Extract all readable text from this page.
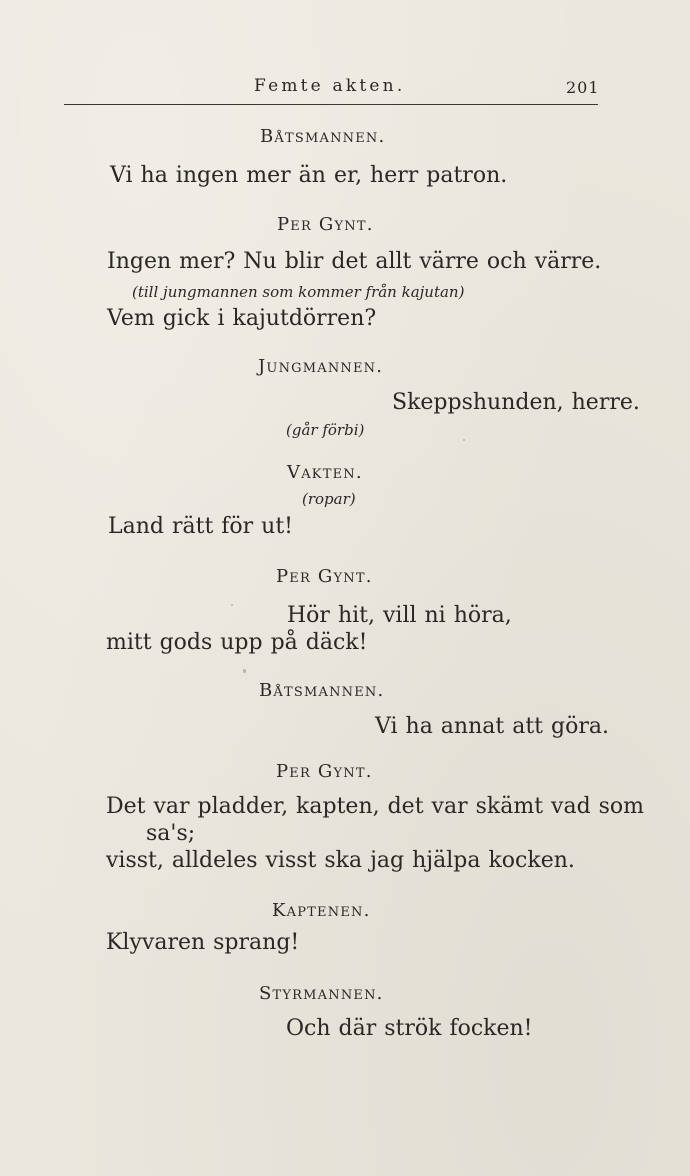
Femte akten.	201
Båtsmannen.
Vi ha ingen mer än er, herr patron.
Per Gynt.
Ingen mer? Nu blir det allt värre och värre.
(till jungmannen som kommer från kajutan)
Vem gick i kajutdörren?
Jungmannen.
Skeppshunden, herre.
(går förbi)
Vakten.
(ropar)
Land rätt för ut!
Per Gynt.
Hör hit, vill ni höra,
mitt gods upp på däck!
Båtsmannen.
Vi ha annat att göra.
Per Gynt.
Det var pladder, kapten, det var skämt vad som
sa's;
visst, alldeles visst ska jag hjälpa kocken.
Kaptenen.
Klyvaren sprang!
Styrmannen.
Och där strök focken!
